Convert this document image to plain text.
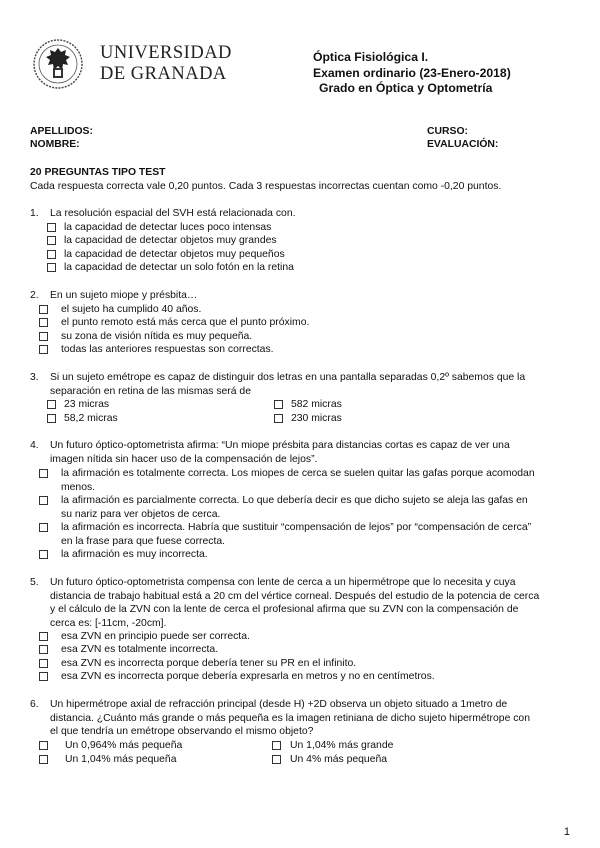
UNIVERSIDAD
DE GRANADA
Óptica Fisiológica I.
Examen ordinario (23-Enero-2018)
Grado en Óptica y Optometría
APELLIDOS:
NOMBRE:
CURSO:
EVALUACIÓN:
20 PREGUNTAS TIPO TEST
Cada respuesta correcta vale 0,20 puntos. Cada 3 respuestas incorrectas cuentan como -0,20 puntos.
1.	La resolución espacial del SVH está relacionada con.
la capacidad de detectar luces poco intensas
la capacidad de detectar objetos muy grandes
la capacidad de detectar objetos muy pequeños
la capacidad de detectar un solo fotón en la retina
2.	En un sujeto miope y présbita…
el sujeto ha cumplido 40 años.
el punto remoto está más cerca que el punto próximo.
su zona de visión nítida es muy pequeña.
todas las anteriores respuestas son correctas.
3.	Si un sujeto emétrope es capaz de distinguir dos letras en una pantalla separadas 0,2º sabemos que la
separación en retina de las mismas será de
23 micras	582 micras
58,2 micras	230 micras
4.	Un futuro óptico-optometrista afirma: “Un miope présbita para distancias cortas es capaz de ver una
imagen nítida sin hacer uso de la compensación de lejos”.
la afirmación es totalmente correcta. Los miopes de cerca se suelen quitar las gafas porque acomodan
menos.
la afirmación es parcialmente correcta. Lo que debería decir es que dicho sujeto se aleja las gafas en
su nariz para ver objetos de cerca.
la afirmación es incorrecta. Habría que sustituir “compensación de lejos” por “compensación de cerca”
en la frase para que fuese correcta.
la afirmación es muy incorrecta.
5.	Un futuro óptico-optometrista compensa con lente de cerca a un hipermétrope que lo necesita y cuya
distancia de trabajo habitual está a 20 cm del vértice corneal. Después del estudio de la potencia de cerca
y el cálculo de la ZVN con la lente de cerca el profesional afirma que su ZVN con la compensación de
cerca es: [-11cm, -20cm].
esa ZVN en principio puede ser correcta.
esa ZVN es totalmente incorrecta.
esa ZVN es incorrecta porque debería tener su PR en el infinito.
esa ZVN es incorrecta porque debería expresarla en metros y no en centímetros.
6.	Un hipermétrope axial de refracción principal (desde H) +2D observa un objeto situado a 1metro de
distancia. ¿Cuánto más grande o más pequeña es la imagen retiniana de dicho sujeto hipermétrope con
el que tendría un emétrope observando el mismo objeto?
Un 0,964% más pequeña	Un 1,04% más grande
Un 1,04% más pequeña	Un 4% más pequeña
1
